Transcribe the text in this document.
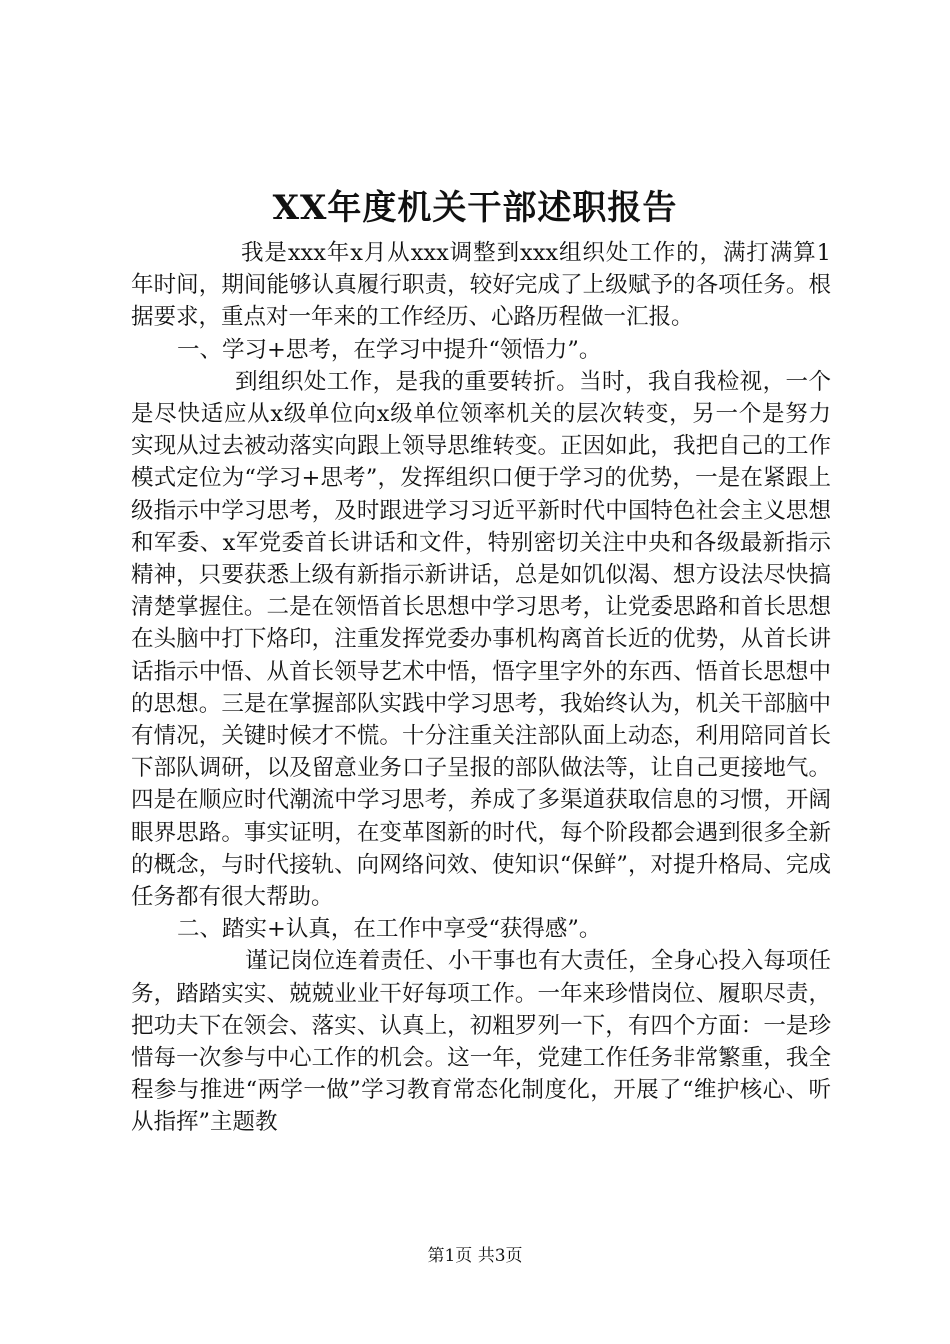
XX年度机关干部述职报告

我是xxx年x月从xxx调整到xxx组织处工作的，满打满算1年时间，期间能够认真履行职责，较好完成了上级赋予的各项任务。根据要求，重点对一年来的工作经历、心路历程做一汇报。

一、学习+思考，在学习中提升“领悟力”。

到组织处工作，是我的重要转折。当时，我自我检视，一个是尽快适应从x级单位向x级单位领率机关的层次转变，另一个是努力实现从过去被动落实向跟上领导思维转变。正因如此，我把自己的工作模式定位为“学习+思考”，发挥组织口便于学习的优势，一是在紧跟上级指示中学习思考，及时跟进学习习近平新时代中国特色社会主义思想和军委、x军党委首长讲话和文件，特别密切关注中央和各级最新指示精神，只要获悉上级有新指示新讲话，总是如饥似渴、想方设法尽快搞清楚掌握住。二是在领悟首长思想中学习思考，让党委思路和首长思想在头脑中打下烙印，注重发挥党委办事机构离首长近的优势，从首长讲话指示中悟、从首长领导艺术中悟，悟字里字外的东西、悟首长思想中的思想。三是在掌握部队实践中学习思考，我始终认为，机关干部脑中有情况，关键时候才不慌。十分注重关注部队面上动态，利用陪同首长下部队调研，以及留意业务口子呈报的部队做法等，让自己更接地气。四是在顺应时代潮流中学习思考，养成了多渠道获取信息的习惯，开阔眼界思路。事实证明，在变革图新的时代，每个阶段都会遇到很多全新的概念，与时代接轨、向网络问效、使知识“保鲜”，对提升格局、完成任务都有很大帮助。

二、踏实+认真，在工作中享受“获得感”。

谨记岗位连着责任、小干事也有大责任，全身心投入每项任务，踏踏实实、兢兢业业干好每项工作。一年来珍惜岗位、履职尽责，把功夫下在领会、落实、认真上，初粗罗列一下，有四个方面：一是珍惜每一次参与中心工作的机会。这一年，党建工作任务非常繁重，我全程参与推进“两学一做”学习教育常态化制度化，开展了“维护核心、听从指挥”主题教

第1页 共3页
